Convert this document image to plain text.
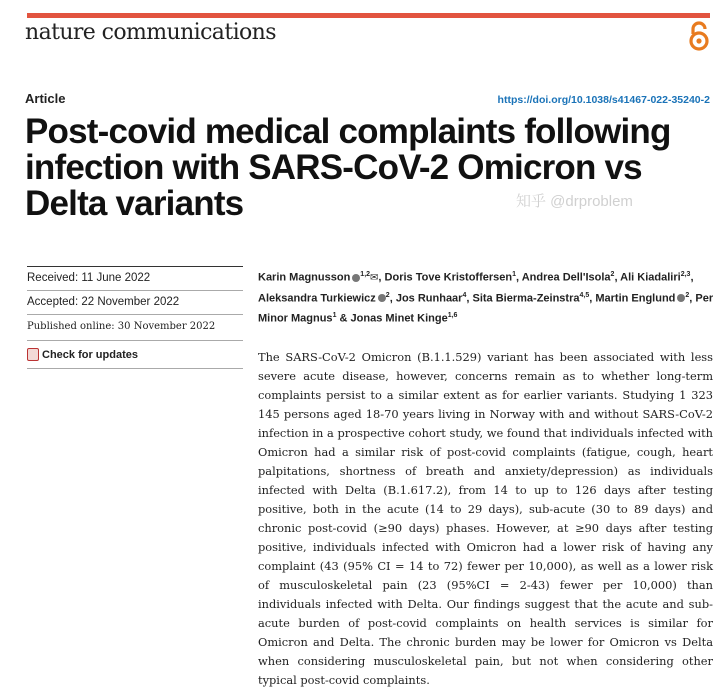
nature communications
Article	https://doi.org/10.1038/s41467-022-35240-2
Post-covid medical complaints following infection with SARS-CoV-2 Omicron vs Delta variants
Received: 11 June 2022
Accepted: 22 November 2022
Published online: 30 November 2022
Check for updates
Karin Magnusson $^{1,2}$✉, Doris Tove Kristoffersen$^1$, Andrea Dell'Isola$^2$, Ali Kiadaliri$^{2,3}$, Aleksandra Turkiewicz $^2$, Jos Runhaar$^4$, Sita Bierma-Zeinstra$^{4,5}$, Martin Englund $^2$, Per Minor Magnus$^1$ & Jonas Minet Kinge$^{1,6}$

The SARS-CoV-2 Omicron (B.1.1.529) variant has been associated with less severe acute disease, however, concerns remain as to whether long-term complaints persist to a similar extent as for earlier variants. Studying 1 323 145 persons aged 18-70 years living in Norway with and without SARS-CoV-2 infection in a prospective cohort study, we found that individuals infected with Omicron had a similar risk of post-covid complaints (fatigue, cough, heart palpitations, shortness of breath and anxiety/depression) as individuals infected with Delta (B.1.617.2), from 14 to up to 126 days after testing positive, both in the acute (14 to 29 days), sub-acute (30 to 89 days) and chronic post-covid (≥90 days) phases. However, at ≥90 days after testing positive, individuals infected with Omicron had a lower risk of having any complaint (43 (95% CI = 14 to 72) fewer per 10,000), as well as a lower risk of musculoskeletal pain (23 (95%CI = 2-43) fewer per 10,000) than individuals infected with Delta. Our findings suggest that the acute and sub-acute burden of post-covid complaints on health services is similar for Omicron and Delta. The chronic burden may be lower for Omicron vs Delta when considering musculoskeletal pain, but not when considering other typical post-covid complaints.

知乎 @drproblem
